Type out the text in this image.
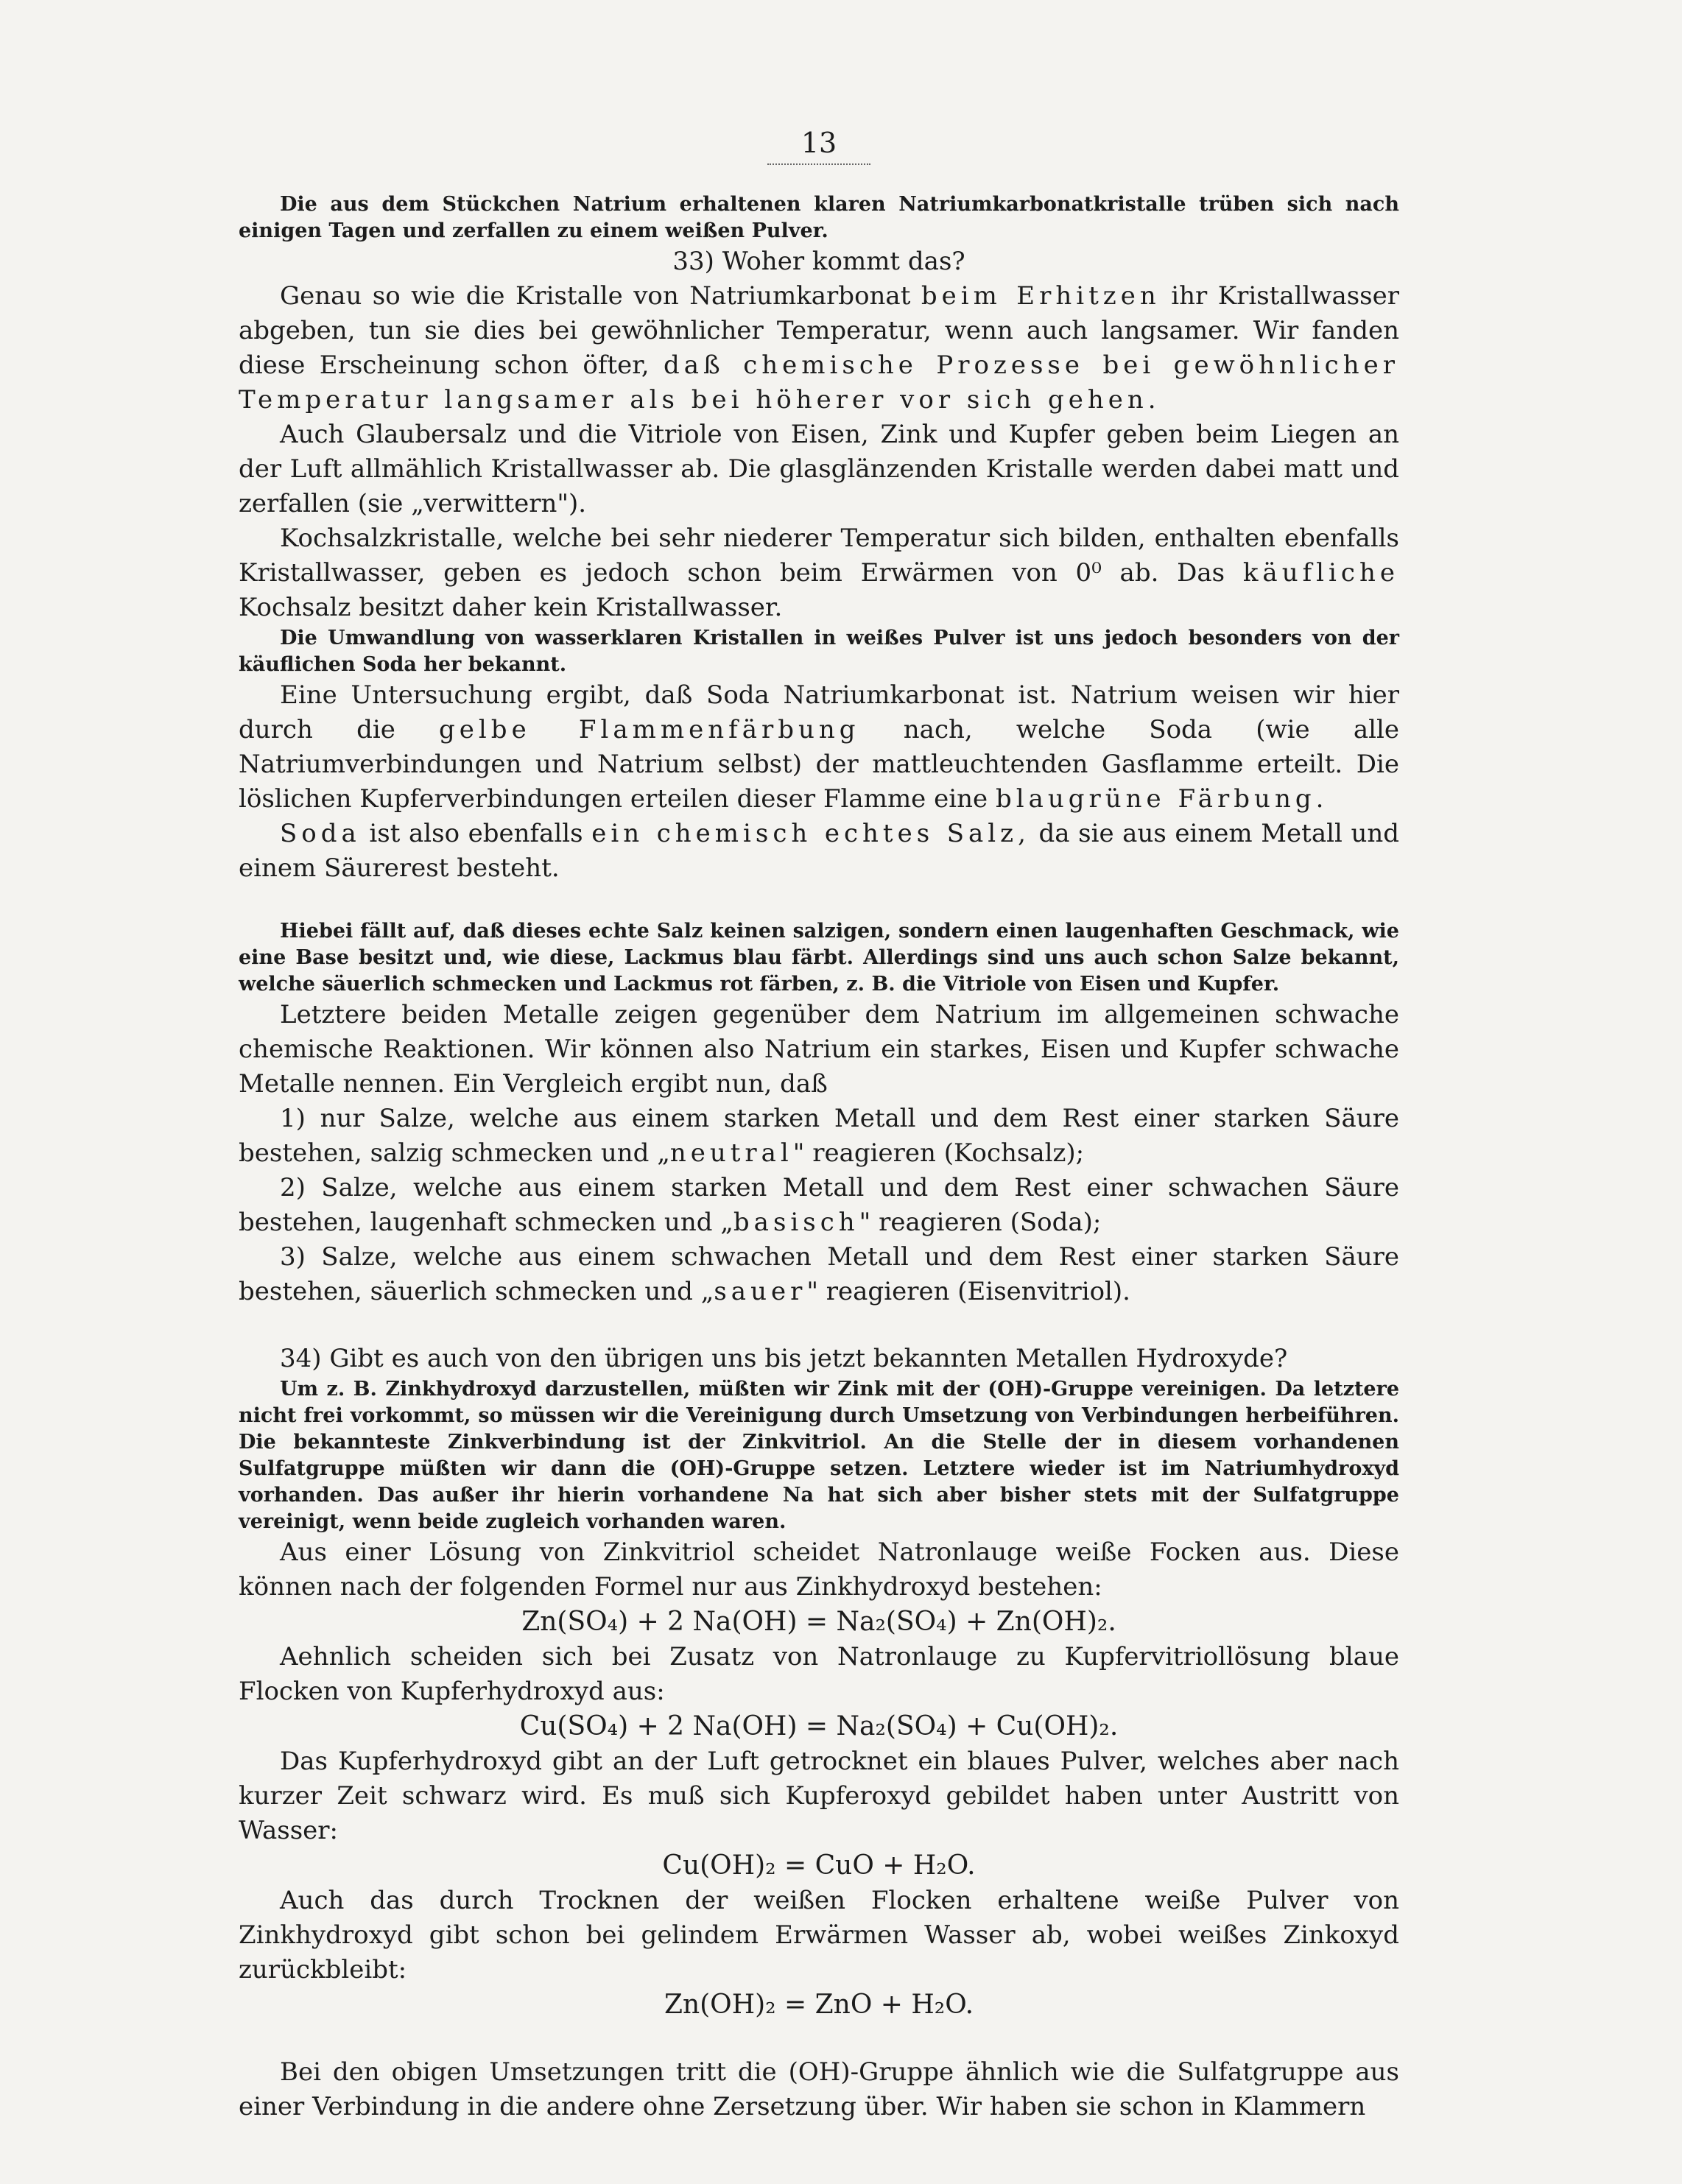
13

Die aus dem Stückchen Natrium erhaltenen klaren Natriumkarbonatkristalle trüben sich nach einigen Tagen und zerfallen zu einem weißen Pulver.

33) Woher kommt das?

Genau so wie die Kristalle von Natriumkarbonat beim Erhitzen ihr Kristallwasser abgeben, tun sie dies bei gewöhnlicher Temperatur, wenn auch langsamer. Wir fanden diese Erscheinung schon öfter, daß chemische Prozesse bei gewöhnlicher Temperatur langsamer als bei höherer vor sich gehen.

Auch Glaubersalz und die Vitriole von Eisen, Zink und Kupfer geben beim Liegen an der Luft allmählich Kristallwasser ab. Die glasglänzenden Kristalle werden dabei matt und zerfallen (sie „verwittern").

Kochsalzkristalle, welche bei sehr niederer Temperatur sich bilden, enthalten ebenfalls Kristallwasser, geben es jedoch schon beim Erwärmen von 0⁰ ab. Das käufliche Kochsalz besitzt daher kein Kristallwasser.

Die Umwandlung von wasserklaren Kristallen in weißes Pulver ist uns jedoch besonders von der käuflichen Soda her bekannt.

Eine Untersuchung ergibt, daß Soda Natriumkarbonat ist. Natrium weisen wir hier durch die gelbe Flammenfärbung nach, welche Soda (wie alle Natriumverbindungen und Natrium selbst) der mattleuchtenden Gasflamme erteilt. Die löslichen Kupferverbindungen erteilen dieser Flamme eine blaugrüne Färbung.

Soda ist also ebenfalls ein chemisch echtes Salz, da sie aus einem Metall und einem Säurerest besteht.

Hiebei fällt auf, daß dieses echte Salz keinen salzigen, sondern einen laugenhaften Geschmack, wie eine Base besitzt und, wie diese, Lackmus blau färbt. Allerdings sind uns auch schon Salze bekannt, welche säuerlich schmecken und Lackmus rot färben, z. B. die Vitriole von Eisen und Kupfer.

Letztere beiden Metalle zeigen gegenüber dem Natrium im allgemeinen schwache chemische Reaktionen. Wir können also Natrium ein starkes, Eisen und Kupfer schwache Metalle nennen. Ein Vergleich ergibt nun, daß

1) nur Salze, welche aus einem starken Metall und dem Rest einer starken Säure bestehen, salzig schmecken und „neutral" reagieren (Kochsalz);

2) Salze, welche aus einem starken Metall und dem Rest einer schwachen Säure bestehen, laugenhaft schmecken und „basisch" reagieren (Soda);

3) Salze, welche aus einem schwachen Metall und dem Rest einer starken Säure bestehen, säuerlich schmecken und „sauer" reagieren (Eisenvitriol).

34) Gibt es auch von den übrigen uns bis jetzt bekannten Metallen Hydroxyde?

Um z. B. Zinkhydroxyd darzustellen, müßten wir Zink mit der (OH)-Gruppe vereinigen. Da letztere nicht frei vorkommt, so müssen wir die Vereinigung durch Umsetzung von Verbindungen herbeiführen. Die bekannteste Zinkverbindung ist der Zinkvitriol. An die Stelle der in diesem vorhandenen Sulfatgruppe müßten wir dann die (OH)-Gruppe setzen. Letztere wieder ist im Natriumhydroxyd vorhanden. Das außer ihr hierin vorhandene Na hat sich aber bisher stets mit der Sulfatgruppe vereinigt, wenn beide zugleich vorhanden waren.

Aus einer Lösung von Zinkvitriol scheidet Natronlauge weiße Focken aus. Diese können nach der folgenden Formel nur aus Zinkhydroxyd bestehen:

Zn(SO₄) + 2 Na(OH) = Na₂(SO₄) + Zn(OH)₂.

Aehnlich scheiden sich bei Zusatz von Natronlauge zu Kupfervitriollösung blaue Flocken von Kupferhydroxyd aus:

Cu(SO₄) + 2 Na(OH) = Na₂(SO₄) + Cu(OH)₂.

Das Kupferhydroxyd gibt an der Luft getrocknet ein blaues Pulver, welches aber nach kurzer Zeit schwarz wird. Es muß sich Kupferoxyd gebildet haben unter Austritt von Wasser:

Cu(OH)₂ = CuO + H₂O.

Auch das durch Trocknen der weißen Flocken erhaltene weiße Pulver von Zinkhydroxyd gibt schon bei gelindem Erwärmen Wasser ab, wobei weißes Zinkoxyd zurückbleibt:

Zn(OH)₂ = ZnO + H₂O.

Bei den obigen Umsetzungen tritt die (OH)-Gruppe ähnlich wie die Sulfatgruppe aus einer Verbindung in die andere ohne Zersetzung über. Wir haben sie schon in Klammern
